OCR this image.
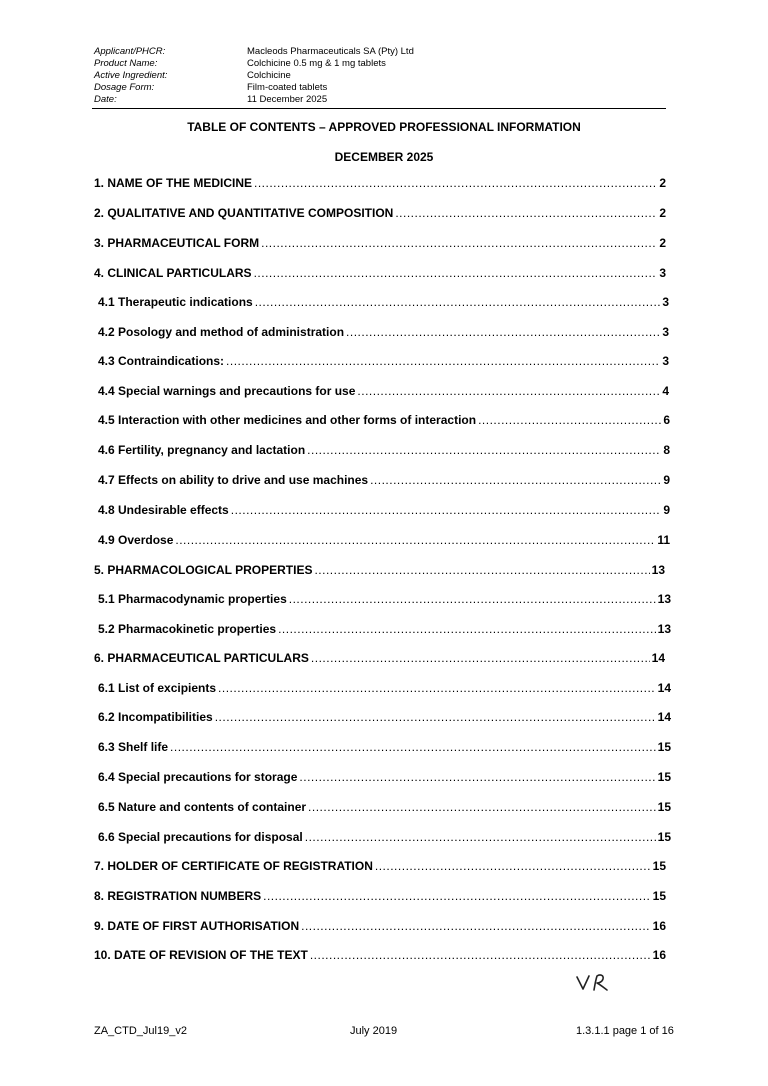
Applicant/PHCR:	Macleods Pharmaceuticals SA (Pty) Ltd
Product Name:	Colchicine 0.5 mg & 1 mg tablets
Active Ingredient:	Colchicine
Dosage Form:	Film-coated tablets
Date:	11 December 2025
TABLE OF CONTENTS – APPROVED PROFESSIONAL INFORMATION
DECEMBER 2025
1. NAME OF THE MEDICINE .....	2
2. QUALITATIVE AND QUANTITATIVE COMPOSITION .....	2
3. PHARMACEUTICAL FORM .....	2
4. CLINICAL PARTICULARS .....	3
4.1 Therapeutic indications .....	3
4.2 Posology and method of administration .....	3
4.3 Contraindications: .....	3
4.4 Special warnings and precautions for use .....	4
4.5 Interaction with other medicines and other forms of interaction .....	6
4.6 Fertility, pregnancy and lactation .....	8
4.7 Effects on ability to drive and use machines .....	9
4.8 Undesirable effects .....	9
4.9 Overdose .....	11
5. PHARMACOLOGICAL PROPERTIES .....	13
5.1 Pharmacodynamic properties .....	13
5.2 Pharmacokinetic properties .....	13
6. PHARMACEUTICAL PARTICULARS .....	14
6.1 List of excipients .....	14
6.2 Incompatibilities .....	14
6.3 Shelf life .....	15
6.4 Special precautions for storage .....	15
6.5 Nature and contents of container .....	15
6.6 Special precautions for disposal .....	15
7. HOLDER OF CERTIFICATE OF REGISTRATION .....	15
8. REGISTRATION NUMBERS .....	15
9. DATE OF FIRST AUTHORISATION .....	16
10. DATE OF REVISION OF THE TEXT .....	16
VR
ZA_CTD_Jul19_v2	July 2019	1.3.1.1 page 1 of 16
